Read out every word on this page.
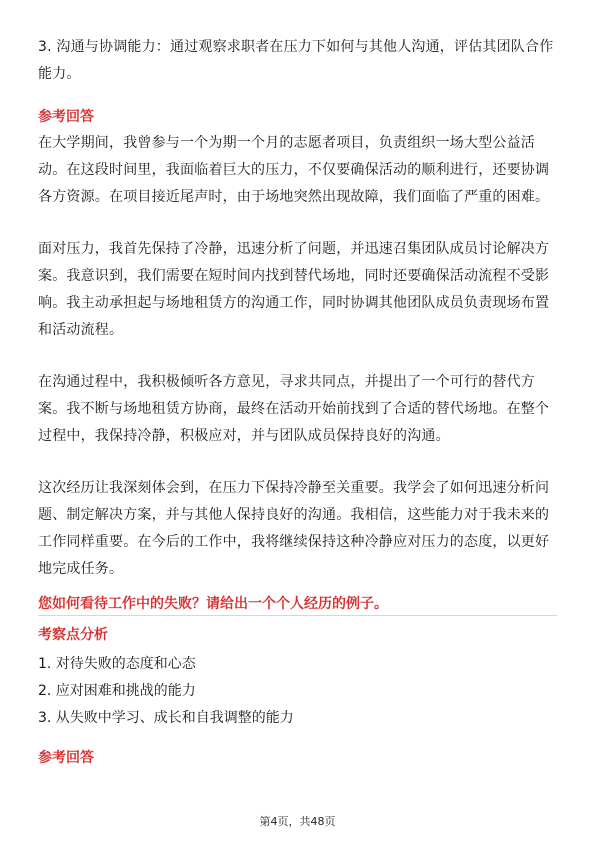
3. 沟通与协调能力：通过观察求职者在压力下如何与其他人沟通，评估其团队合作
能力。
参考回答
在大学期间，我曾参与一个为期一个月的志愿者项目，负责组织一场大型公益活
动。在这段时间里，我面临着巨大的压力，不仅要确保活动的顺利进行，还要协调
各方资源。在项目接近尾声时，由于场地突然出现故障，我们面临了严重的困难。
面对压力，我首先保持了冷静，迅速分析了问题，并迅速召集团队成员讨论解决方
案。我意识到，我们需要在短时间内找到替代场地，同时还要确保活动流程不受影
响。我主动承担起与场地租赁方的沟通工作，同时协调其他团队成员负责现场布置
和活动流程。
在沟通过程中，我积极倾听各方意见，寻求共同点，并提出了一个可行的替代方
案。我不断与场地租赁方协商，最终在活动开始前找到了合适的替代场地。在整个
过程中，我保持冷静，积极应对，并与团队成员保持良好的沟通。
这次经历让我深刻体会到，在压力下保持冷静至关重要。我学会了如何迅速分析问
题、制定解决方案，并与其他人保持良好的沟通。我相信，这些能力对于我未来的
工作同样重要。在今后的工作中，我将继续保持这种冷静应对压力的态度，以更好
地完成任务。
您如何看待工作中的失败？请给出一个个人经历的例子。
考察点分析
1. 对待失败的态度和心态
2. 应对困难和挑战的能力
3. 从失败中学习、成长和自我调整的能力
参考回答
第4页，共48页
